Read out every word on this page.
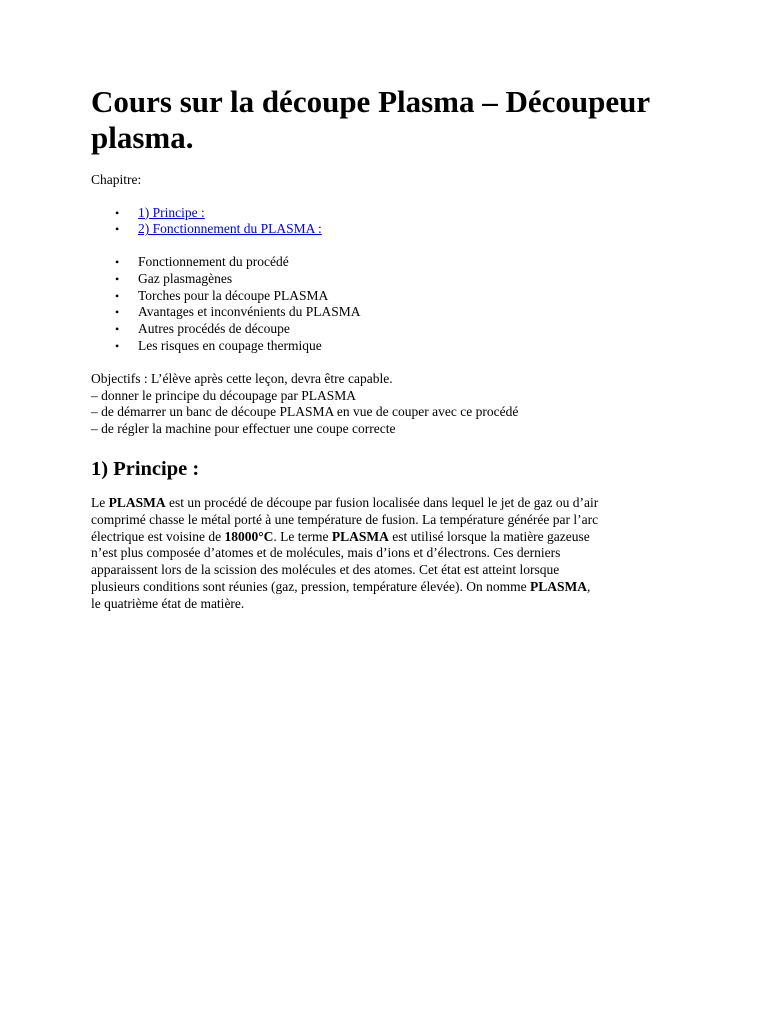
Cours sur la découpe Plasma – Découpeur
plasma.

Chapitre:

• 1) Principe :
• 2) Fonctionnement du PLASMA :
• Fonctionnement du procédé
• Gaz plasmagènes
• Torches pour la découpe PLASMA
• Avantages et inconvénients du PLASMA
• Autres procédés de découpe
• Les risques en coupage thermique
Objectifs : L’élève après cette leçon, devra être capable.
– donner le principe du découpage par PLASMA
– de démarrer un banc de découpe PLASMA en vue de couper avec ce procédé
– de régler la machine pour effectuer une coupe correcte
1) Principe :
Le PLASMA est un procédé de découpe par fusion localisée dans lequel le jet de gaz ou d’air
comprimé chasse le métal porté à une température de fusion. La température générée par l’arc
électrique est voisine de 18000°C. Le terme PLASMA est utilisé lorsque la matière gazeuse
n’est plus composée d’atomes et de molécules, mais d’ions et d’électrons. Ces derniers
apparaissent lors de la scission des molécules et des atomes. Cet état est atteint lorsque
plusieurs conditions sont réunies (gaz, pression, température élevée). On nomme PLASMA,
le quatrième état de matière.
